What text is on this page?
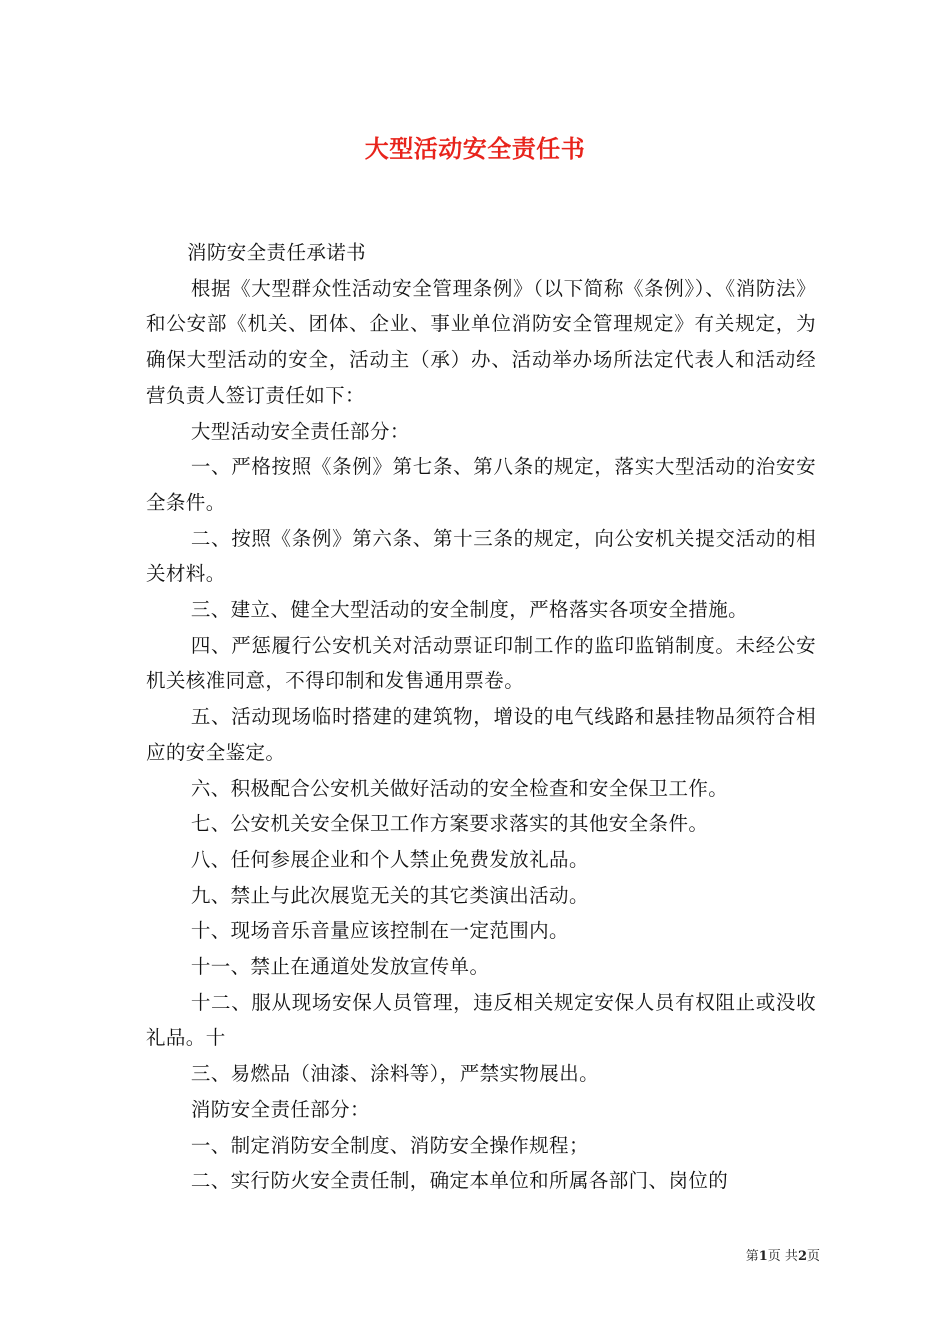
大型活动安全责任书

消防安全责任承诺书

根据《大型群众性活动安全管理条例》（以下简称《条例》）、《消防法》和公安部《机关、团体、企业、事业单位消防安全管理规定》有关规定，为确保大型活动的安全，活动主（承）办、活动举办场所法定代表人和活动经营负责人签订责任如下：

大型活动安全责任部分：

一、严格按照《条例》第七条、第八条的规定，落实大型活动的治安安全条件。

二、按照《条例》第六条、第十三条的规定，向公安机关提交活动的相关材料。

三、建立、健全大型活动的安全制度，严格落实各项安全措施。

四、严惩履行公安机关对活动票证印制工作的监印监销制度。未经公安机关核准同意，不得印制和发售通用票卷。

五、活动现场临时搭建的建筑物，增设的电气线路和悬挂物品须符合相应的安全鉴定。

六、积极配合公安机关做好活动的安全检查和安全保卫工作。

七、公安机关安全保卫工作方案要求落实的其他安全条件。

八、任何参展企业和个人禁止免费发放礼品。

九、禁止与此次展览无关的其它类演出活动。

十、现场音乐音量应该控制在一定范围内。

十一、禁止在通道处发放宣传单。

十二、服从现场安保人员管理，违反相关规定安保人员有权阻止或没收礼品。十

三、易燃品（油漆、涂料等），严禁实物展出。

消防安全责任部分：

一、制定消防安全制度、消防安全操作规程；

二、实行防火安全责任制，确定本单位和所属各部门、岗位的

第1页 共2页
